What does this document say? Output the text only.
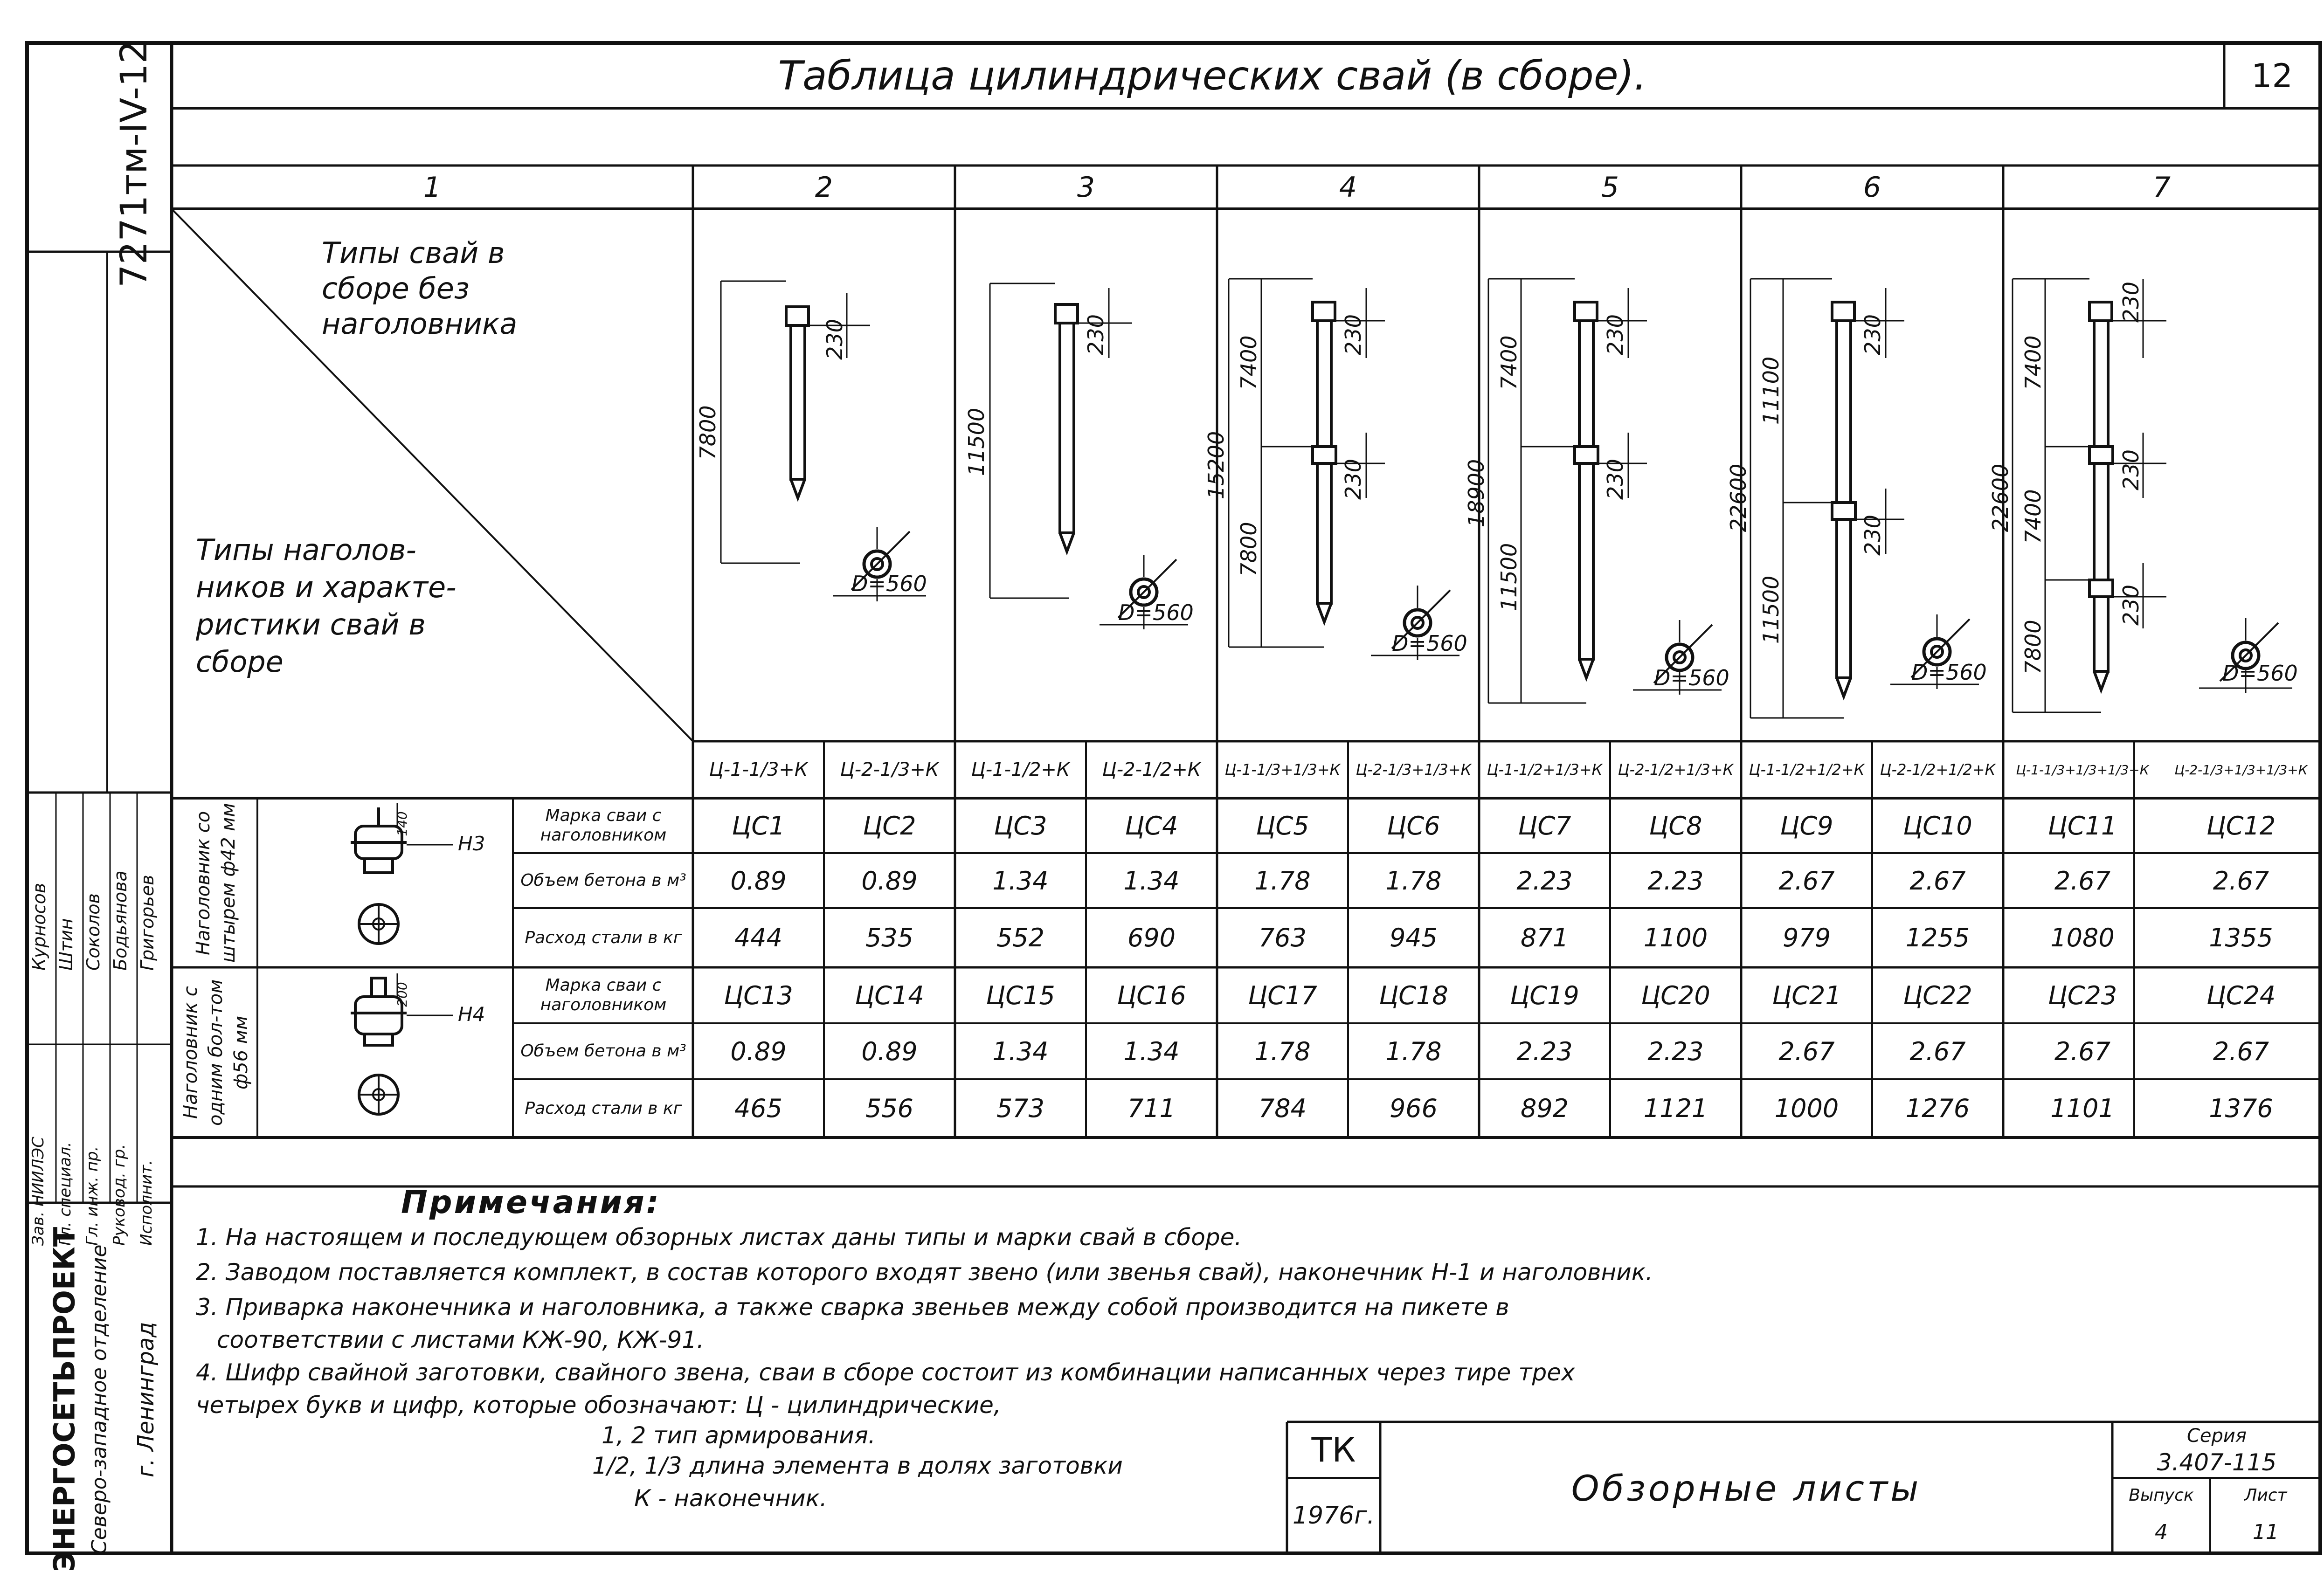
7271тм-IV-12
Зав. НИИЛЭС Гл. специал. Гл. инж. пр. Руковод. гр. Исполнит.
Курносов Штин Соколов Бодьянова Григорьев
ЭНЕРГОСЕТЬПРОЕКТ Северо-западное отделение г. Ленинград
Таблица цилиндрических свай (в сборе).	12
1	2	3	4	5	6	7
Типы свай в сборе без наголовника
Типы наголов-ников и характе-ристики свай в сборе
7800
230
D=560
11500
230
D=560
15200
7400
7800
230
230
D=560
18900
7400
11500
230
230
D=560
22600
11100
11500
230
230
D=560
22600
7400
7400
7800
230
230
230
D=560
Ц-1-1/3+К	Ц-2-1/3+К	Ц-1-1/2+К	Ц-2-1/2+К	Ц-1-1/3+1/3+К	Ц-2-1/3+1/3+К	Ц-1-1/2+1/3+К	Ц-2-1/2+1/3+К	Ц-1-1/2+1/2+К	Ц-2-1/2+1/2+К	Ц-1-1/3+1/3+1/3+К	Ц-2-1/3+1/3+1/3+К
Наголовник со штырем ф42 мм
Наголовник с одним бол-том ф56 мм
Н3
140
Н4
200
Марка сваи с наголовником	ЦС1	ЦС2	ЦС3	ЦС4	ЦС5	ЦС6	ЦС7	ЦС8	ЦС9	ЦС10	ЦС11	ЦС12
Объем бетона в м³	0.89	0.89	1.34	1.34	1.78	1.78	2.23	2.23	2.67	2.67	2.67	2.67
Расход стали в кг	444	535	552	690	763	945	871	1100	979	1255	1080	1355
Марка сваи с наголовником	ЦС13	ЦС14	ЦС15	ЦС16	ЦС17	ЦС18	ЦС19	ЦС20	ЦС21	ЦС22	ЦС23	ЦС24
Объем бетона в м³	0.89	0.89	1.34	1.34	1.78	1.78	2.23	2.23	2.67	2.67	2.67	2.67
Расход стали в кг	465	556	573	711	784	966	892	1121	1000	1276	1101	1376
Примечания:
1. На настоящем и последующем обзорных листах даны типы и марки свай в сборе.
2. Заводом поставляется комплект, в состав которого входят звено (или звенья свай), наконечник Н-1 и наголовник.
3. Приварка наконечника и наголовника, а также сварка звеньев между собой производится на пикете в
соответствии с листами КЖ-90, КЖ-91.
4. Шифр свайной заготовки, свайного звена, сваи в сборе состоит из комбинации написанных через тире трех
четырех букв и цифр, которые обозначают: Ц - цилиндрические,
1, 2 тип армирования.
1/2, 1/3 длина элемента в долях заготовки
К - наконечник.
ТК
1976г.
Обзорные листы
Серия
3.407-115
Выпуск
4
Лист
11
